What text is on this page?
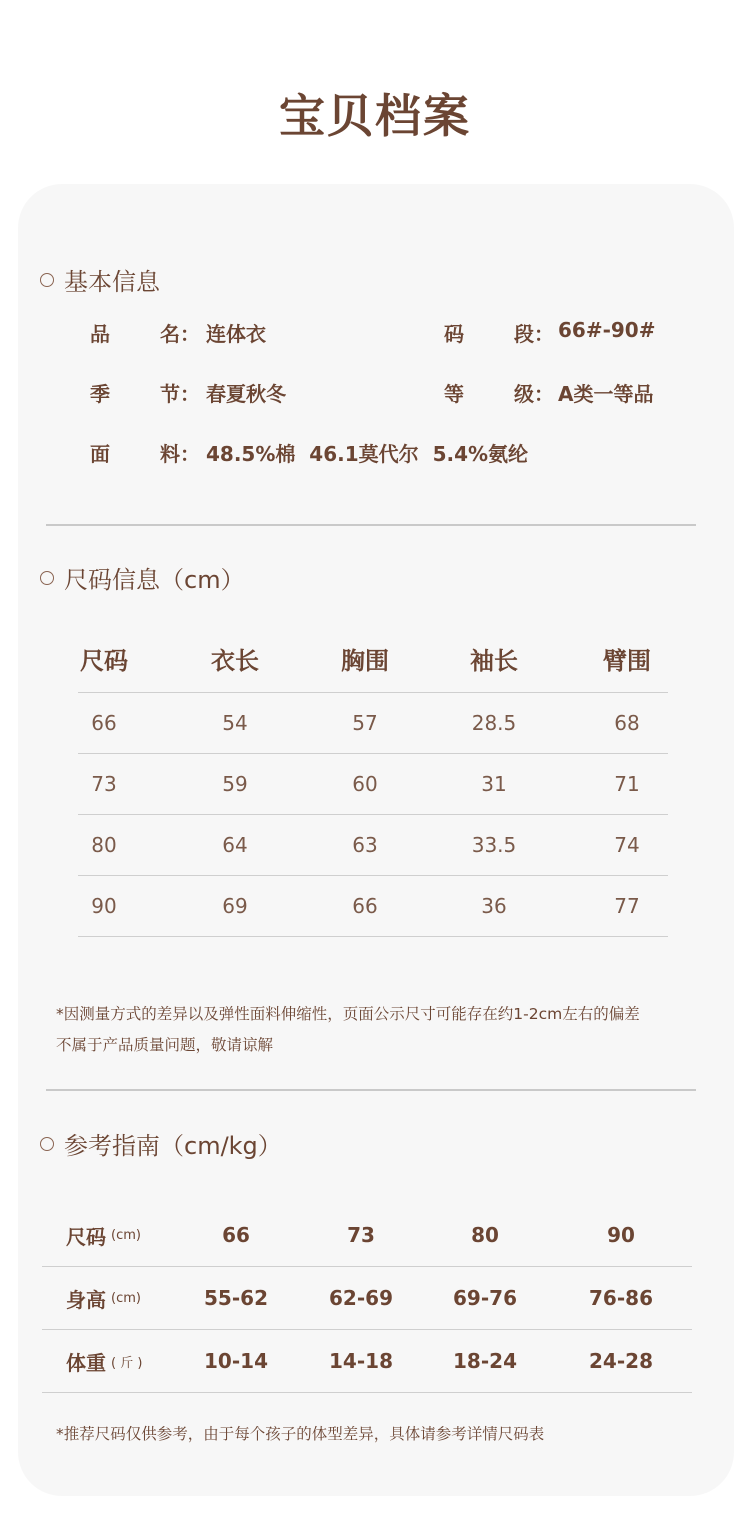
宝贝档案
基本信息
品	名： 连体衣	码	段： 66#-90#
季	节： 春夏秋冬	等	级： A类一等品
面	料： 48.5%棉  46.1莫代尔  5.4%氨纶
尺码信息（cm）
尺码	衣长	胸围	袖长	臂围
66	54	57	28.5	68
73	59	60	31	71
80	64	63	33.5	74
90	69	66	36	77
*因测量方式的差异以及弹性面料伸缩性，页面公示尺寸可能存在约1-2cm左右的偏差
不属于产品质量问题，敬请谅解
参考指南（cm/kg）
尺码 (cm)	66	73	80	90
身高 (cm)	55-62	62-69	69-76	76-86
体重 ( 斤 )	10-14	14-18	18-24	24-28
*推荐尺码仅供参考，由于每个孩子的体型差异，具体请参考详情尺码表
